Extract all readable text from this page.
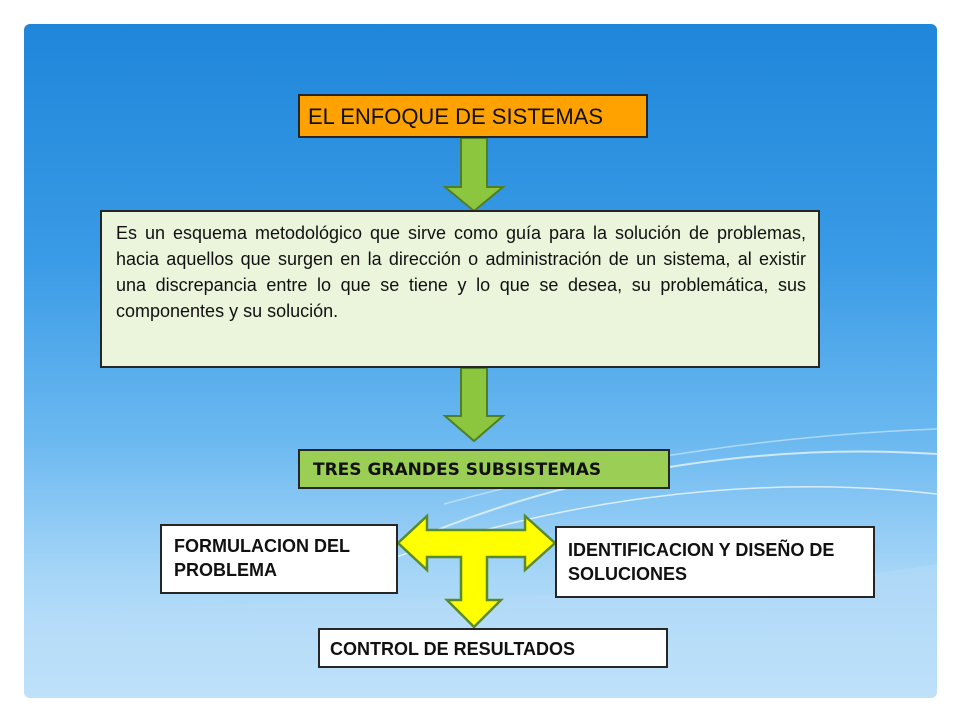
EL ENFOQUE DE SISTEMAS
Es un esquema metodológico que sirve como guía para la solución de problemas, hacia aquellos que surgen en la dirección o administración de un sistema, al existir una discrepancia entre lo que se tiene y lo que se desea, su problemática, sus componentes y su solución.
TRES GRANDES SUBSISTEMAS
FORMULACION DEL PROBLEMA
IDENTIFICACION Y DISEÑO DE SOLUCIONES
CONTROL DE RESULTADOS
